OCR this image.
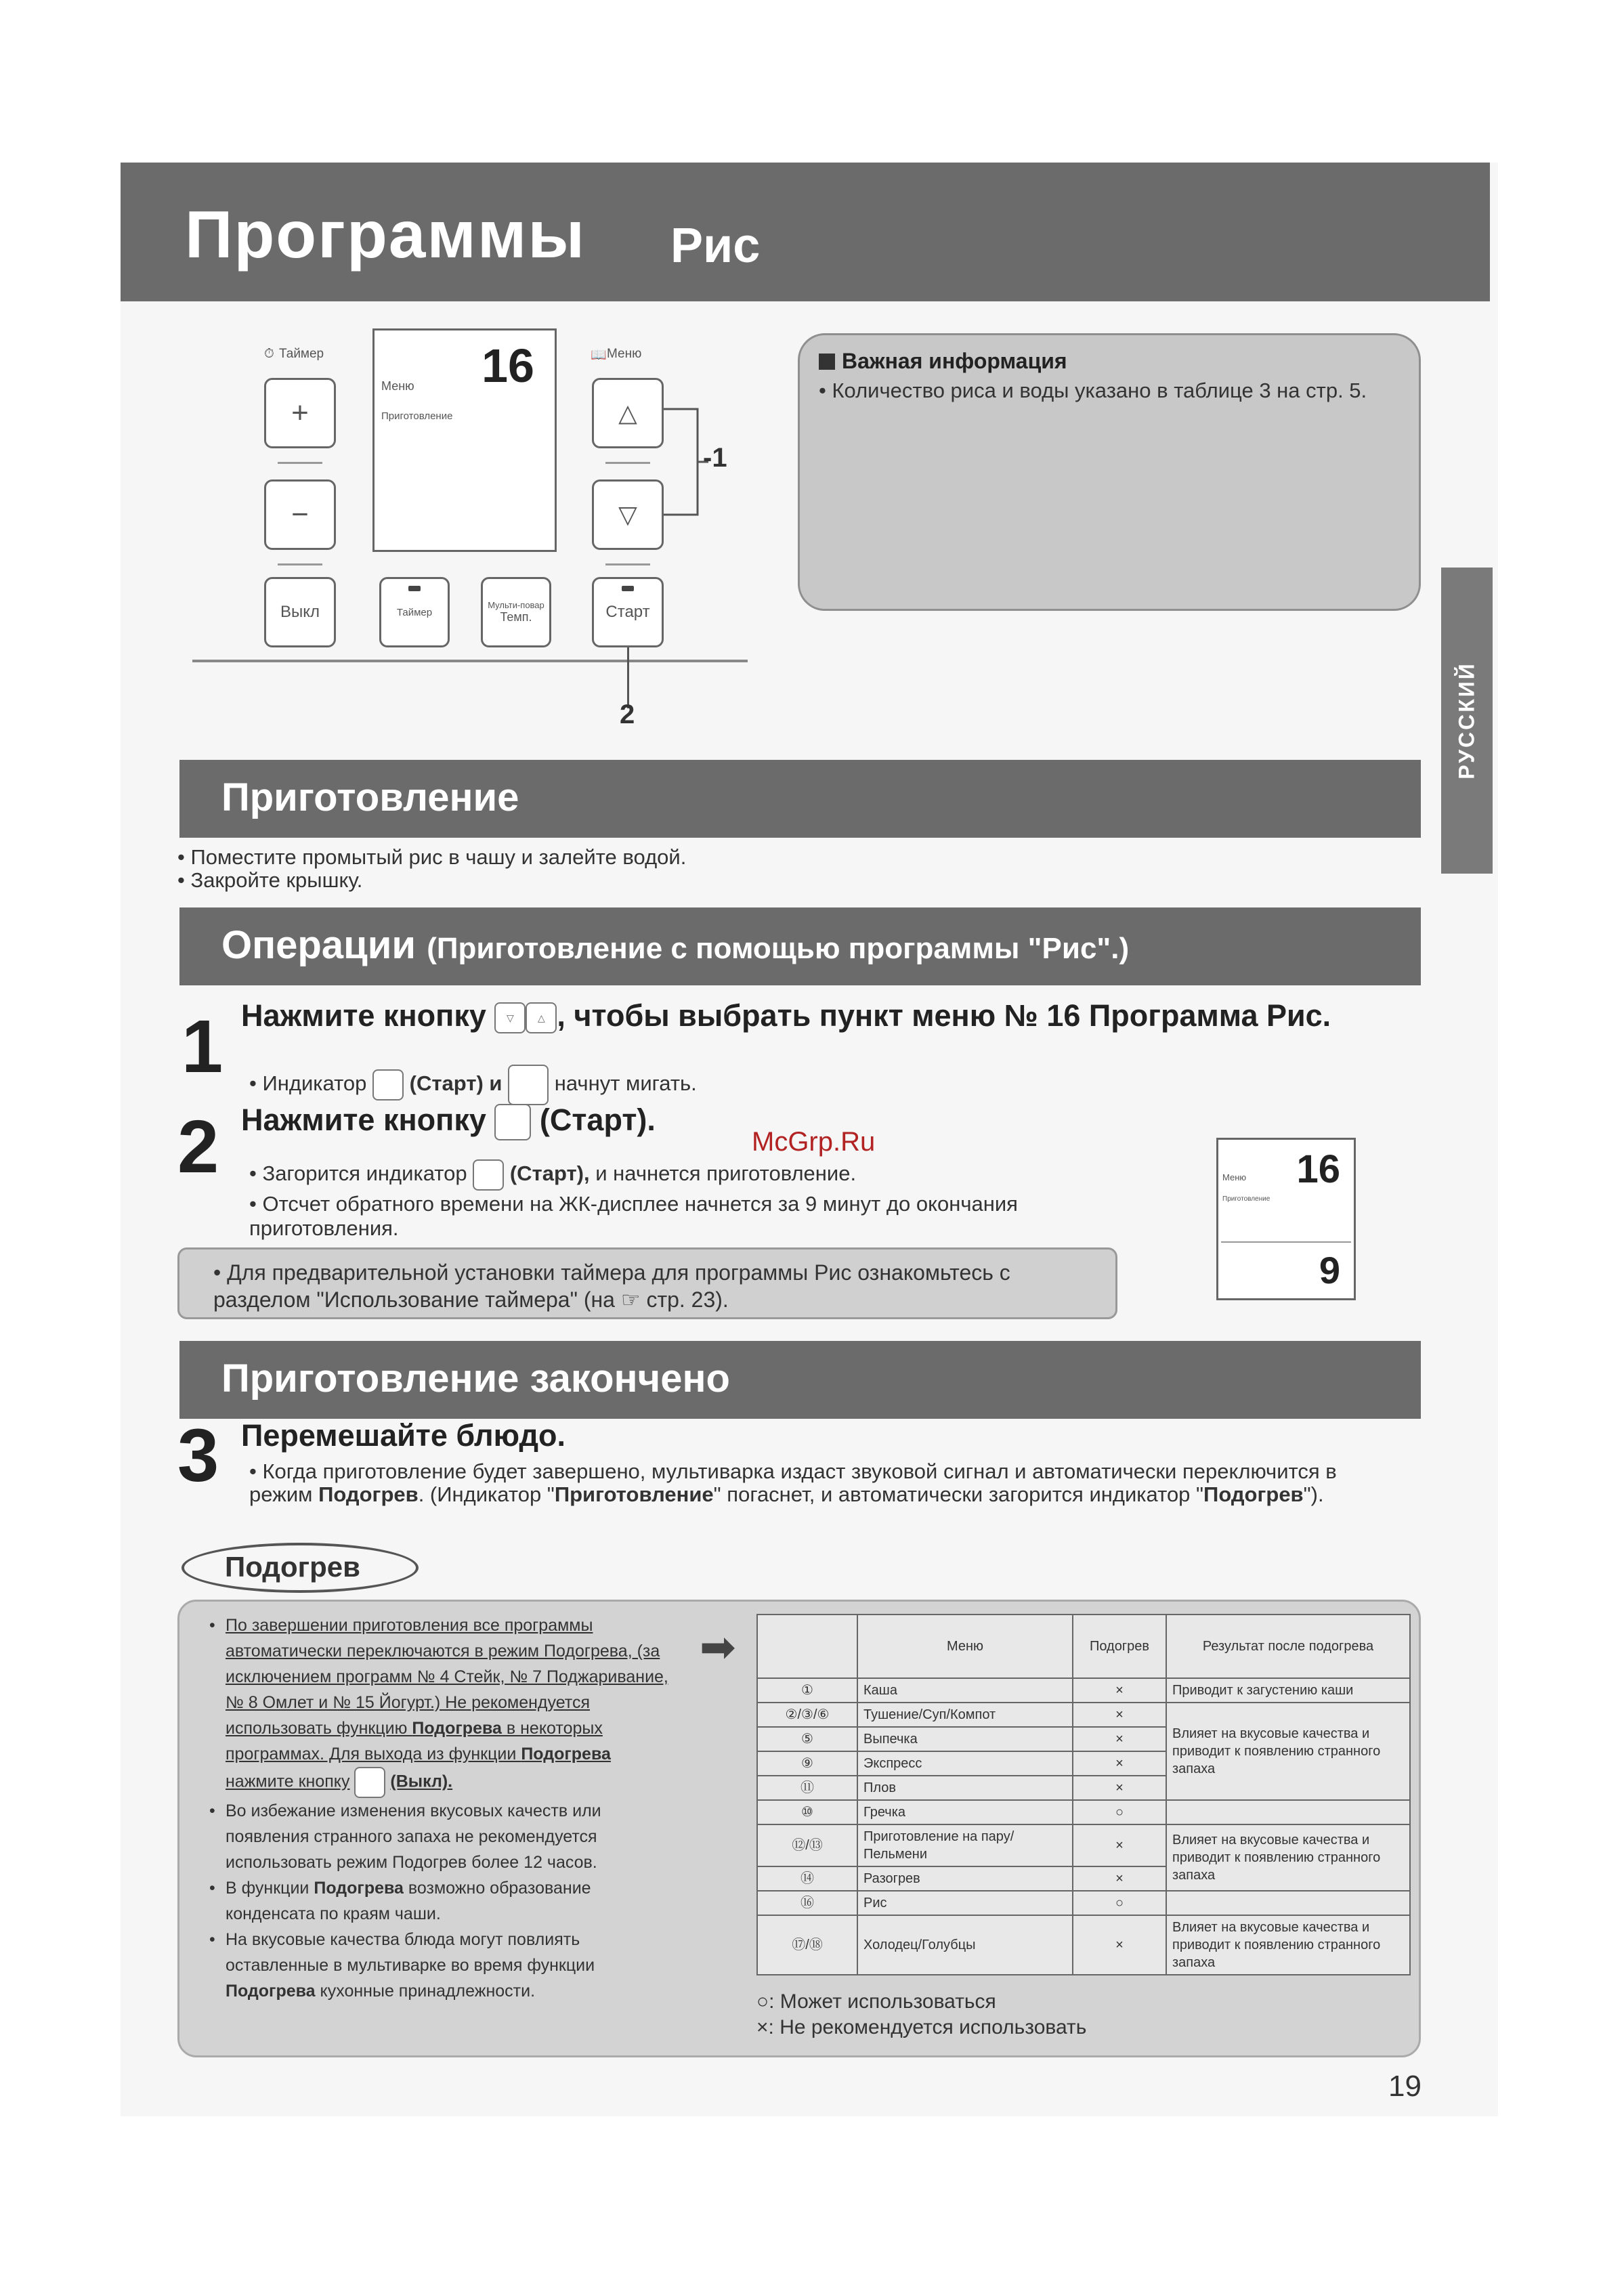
Программы Рис
РУССКИЙ
⏱ Таймер	📖 Меню
+
−
16
Меню
Приготовление	△
▽
-1
Выкл	Таймер
Мульти-повар
Темп.	Старт
2
Важная информация
• Количество риса и воды указано в таблице 3 на стр. 5.
Приготовление
• Поместите промытый рис в чашу и залейте водой.
• Закройте крышку.
Операции (Приготовление с помощью программы "Рис".)
1 Нажмите кнопку ▽	△ , чтобы выбрать пункт меню № 16 Программа Рис.
• Индикатор (Старт) и начнут мигать.
2 Нажмите кнопку (Старт).
McGrp.Ru
• Загорится индикатор (Старт), и начнется приготовление.
• Отсчет обратного времени на ЖК-дисплее начнется за 9 минут до окончания приготовления.
16
Меню
Приготовление
9
• Для предварительной установки таймера для программы Рис ознакомьтесь с разделом "Использование таймера" (на ☞ стр. 23).
Приготовление закончено
3 Перемешайте блюдо.
• Когда приготовление будет завершено, мультиварка издаст звуковой сигнал и автоматически переключится в режим Подогрев. (Индикатор "Приготовление" погаснет, и автоматически загорится индикатор "Подогрев").
Подогрев

• По завершении приготовления все программы автоматически переключаются в режим Подогрева, (за исключением программ № 4 Стейк, № 7 Поджаривание, № 8 Омлет и № 15 Йогурт.) Не рекомендуется использовать функцию Подогрева в некоторых программах. Для выхода из функции Подогрева нажмите кнопку (Выкл).

• Во избежание изменения вкусовых качеств или появления странного запаха не рекомендуется использовать режим Подогрев более 12 часов.

• В функции Подогрева возможно образование конденсата по краям чаши.

• На вкусовые качества блюда могут повлиять оставленные в мультиварке во время функции Подогрева кухонные принадлежности.

➡
		Меню	Подогрев	Результат после подогрева
①	Каша	×	Приводит к загустению каши
②/③/⑥	Тушение/Суп/Компот	×	Влияет на вкусовые качества и приводит к появлению странного запаха
⑤	Выпечка	×	
⑨	Экспресс	×	
⑪	Плов	×	
⑩	Гречка	○	
⑫/⑬	Приготовление на пару/ Пельмени	×	Влияет на вкусовые качества и приводит к появлению странного запаха
⑭	Разогрев	×	
⑯	Рис	○	
⑰/⑱	Холодец/Голубцы	×	Влияет на вкусовые качества и приводит к появлению странного запаха
○: Может использоваться
×: Не рекомендуется использовать
19
